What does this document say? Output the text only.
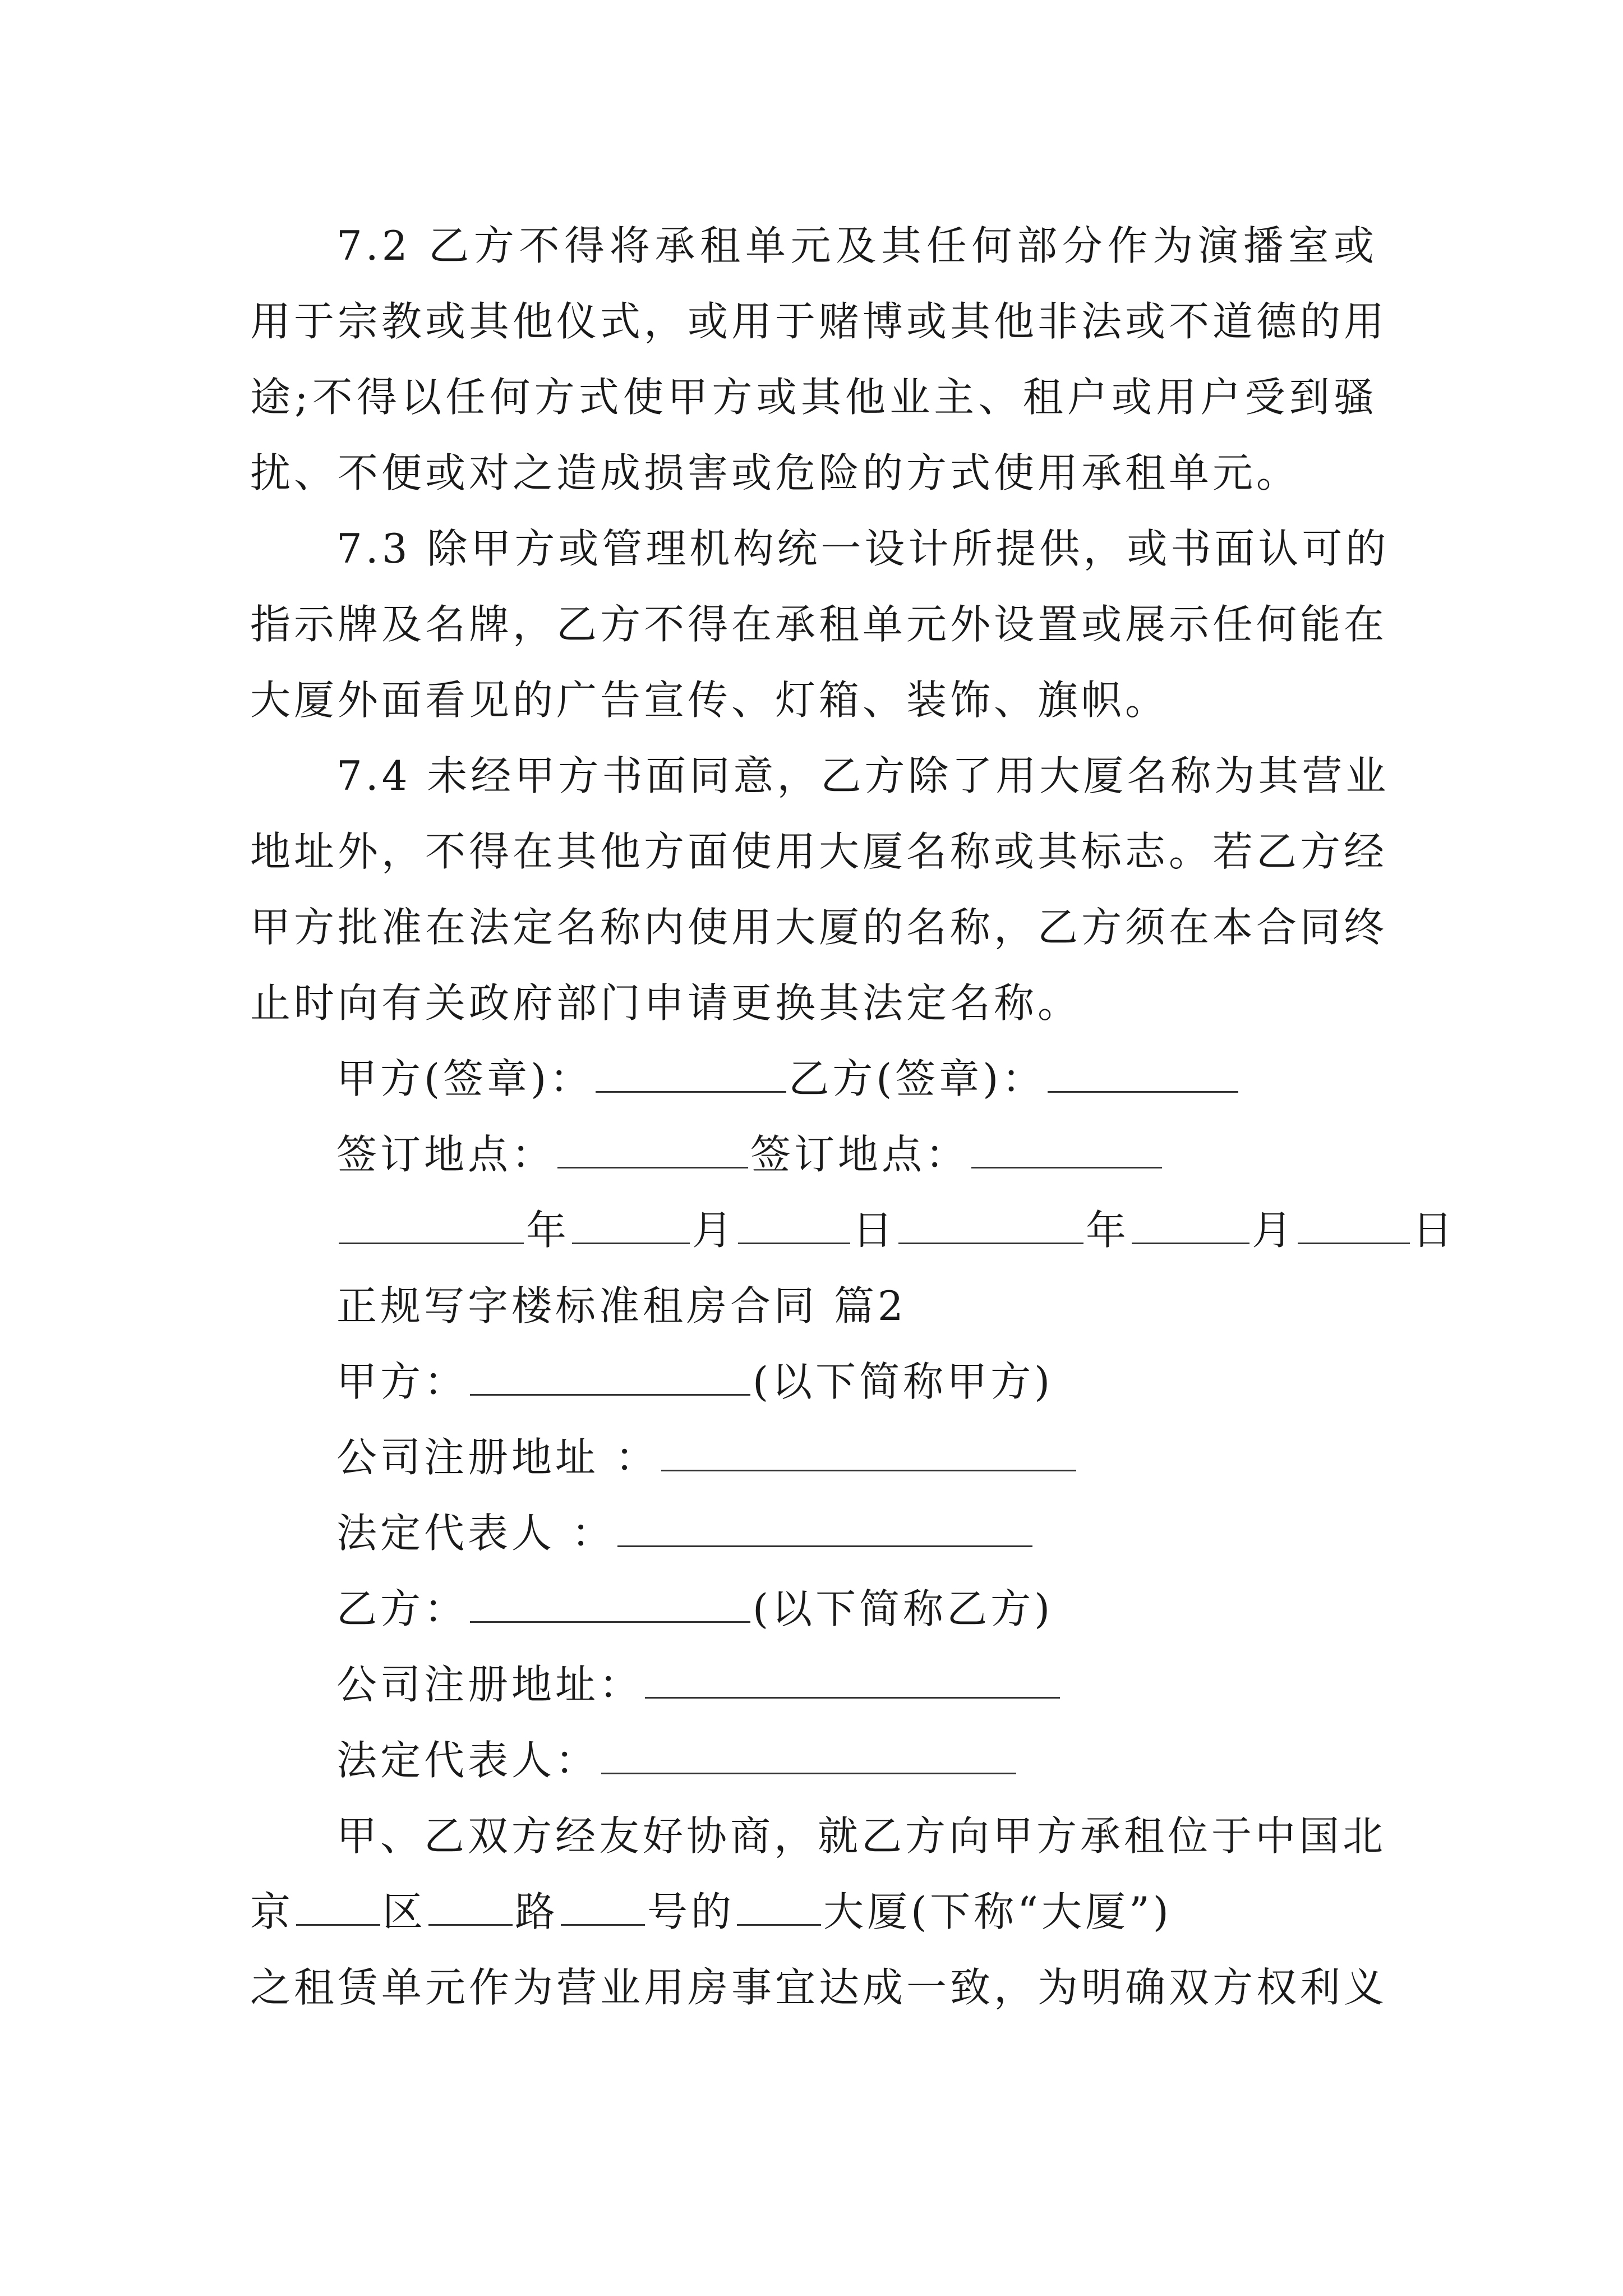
7.2 乙方不得将承租单元及其任何部分作为演播室或
用于宗教或其他仪式，或用于赌博或其他非法或不道德的用
途;不得以任何方式使甲方或其他业主、租户或用户受到骚
扰、不便或对之造成损害或危险的方式使用承租单元。
7.3 除甲方或管理机构统一设计所提供，或书面认可的
指示牌及名牌，乙方不得在承租单元外设置或展示任何能在
大厦外面看见的广告宣传、灯箱、装饰、旗帜。
7.4 未经甲方书面同意，乙方除了用大厦名称为其营业
地址外，不得在其他方面使用大厦名称或其标志。若乙方经
甲方批准在法定名称内使用大厦的名称，乙方须在本合同终
止时向有关政府部门申请更换其法定名称。
甲方(签章)：	乙方(签章)：
签订地点：	签订地点：
年	月	日	年	月	日
正规写字楼标准租房合同 篇2
甲方：	(以下简称甲方)
公司注册地址 ：
法定代表人 ：
乙方：	(以下简称乙方)
公司注册地址：
法定代表人：
甲、乙双方经友好协商，就乙方向甲方承租位于中国北
京 区 路 号的 大厦(下称“大厦”)
之租赁单元作为营业用房事宜达成一致，为明确双方权利义
